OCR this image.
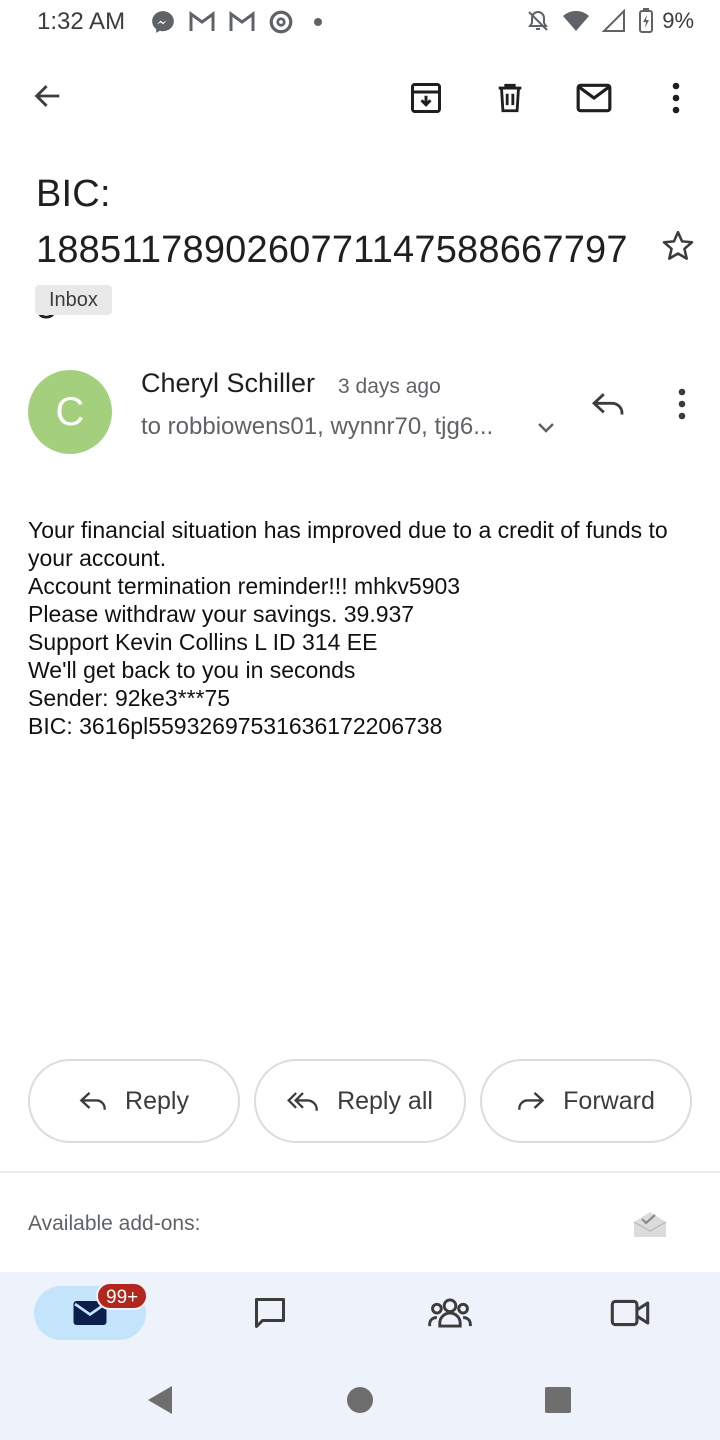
1:32 AM	9%
BIC:
1885117890260771147588667797
Inbox
C
Cheryl Schiller 3 days ago
to robbiowens01, wynnr70, tjg6...
Your financial situation has improved due to a credit of funds to your account.
Account termination reminder!!! mhkv5903
Please withdraw your savings. 39.937
Support Kevin Collins L ID 314 EE
We'll get back to you in seconds
Sender: 92ke3***75
BIC: 3616pl55932697531636172206738
Reply	Reply all	Forward
Available add-ons:
99+
